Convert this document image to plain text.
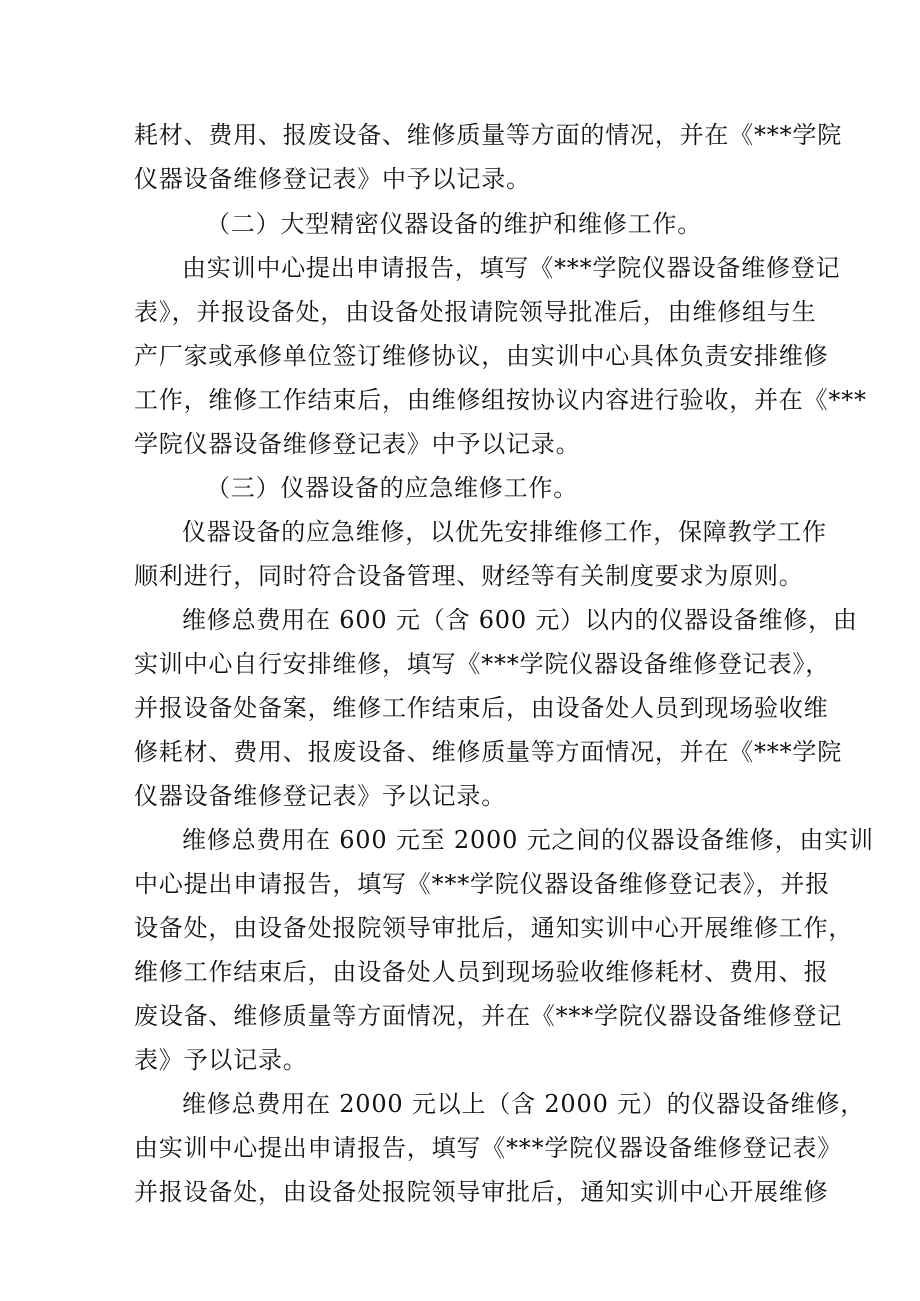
耗材、费用、报废设备、维修质量等方面的情况，并在《***学院
仪器设备维修登记表》中予以记录。
（二）大型精密仪器设备的维护和维修工作。
由实训中心提出申请报告，填写《***学院仪器设备维修登记
表》，并报设备处，由设备处报请院领导批准后，由维修组与生
产厂家或承修单位签订维修协议，由实训中心具体负责安排维修
工作，维修工作结束后，由维修组按协议内容进行验收，并在《***
学院仪器设备维修登记表》中予以记录。
（三）仪器设备的应急维修工作。
仪器设备的应急维修，以优先安排维修工作，保障教学工作
顺利进行，同时符合设备管理、财经等有关制度要求为原则。
维修总费用在 600 元（含 600 元）以内的仪器设备维修，由
实训中心自行安排维修，填写《***学院仪器设备维修登记表》，
并报设备处备案，维修工作结束后，由设备处人员到现场验收维
修耗材、费用、报废设备、维修质量等方面情况，并在《***学院
仪器设备维修登记表》予以记录。
维修总费用在 600 元至 2000 元之间的仪器设备维修，由实训
中心提出申请报告，填写《***学院仪器设备维修登记表》，并报
设备处，由设备处报院领导审批后，通知实训中心开展维修工作，
维修工作结束后，由设备处人员到现场验收维修耗材、费用、报
废设备、维修质量等方面情况，并在《***学院仪器设备维修登记
表》予以记录。
维修总费用在 2000 元以上（含 2000 元）的仪器设备维修，
由实训中心提出申请报告，填写《***学院仪器设备维修登记表》
并报设备处，由设备处报院领导审批后，通知实训中心开展维修
